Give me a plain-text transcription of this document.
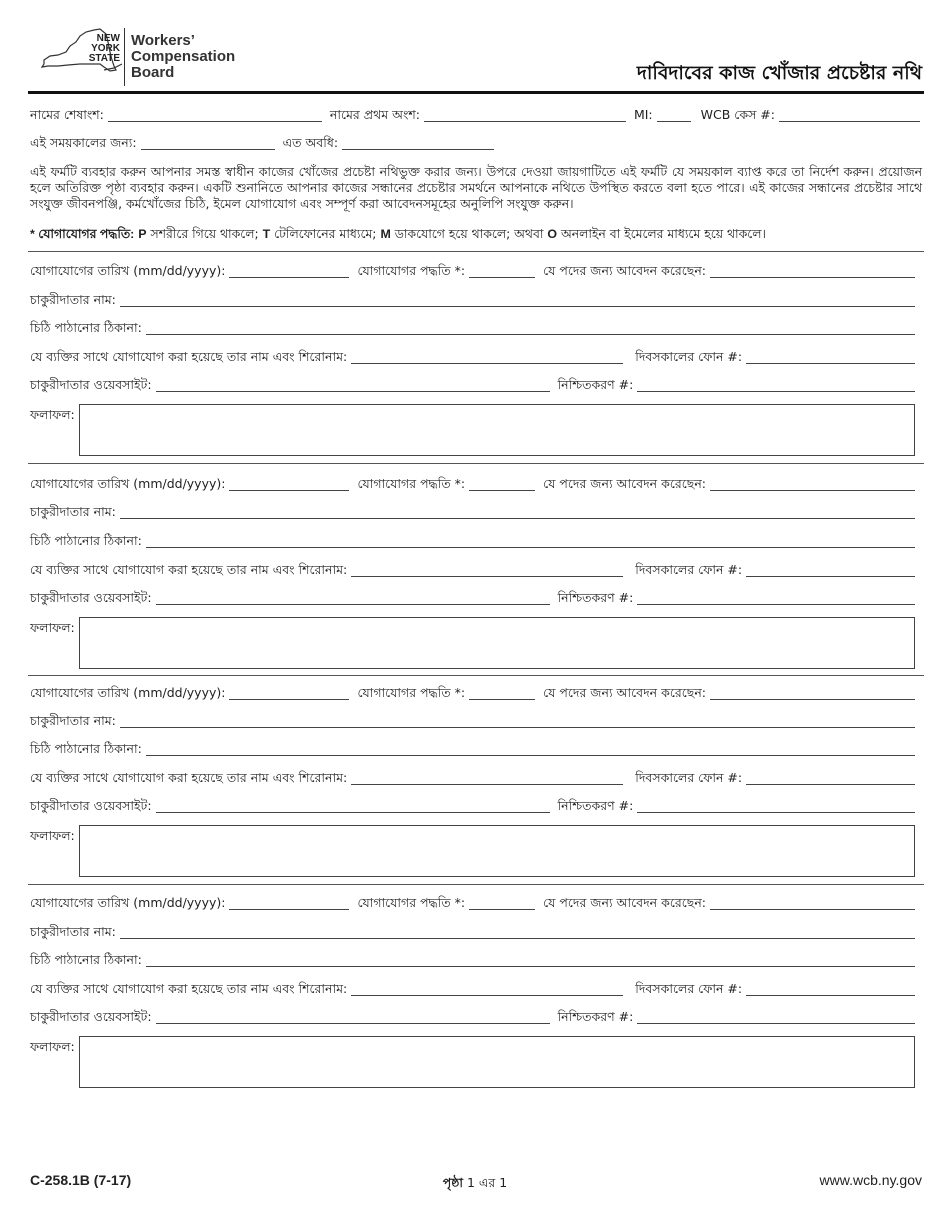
NEW
YORK
STATE
Workers’
Compensation
Board	দাবিদাবের কাজ খোঁজার প্রচেষ্টার নথি
নামের শেষাংশ:	নামের প্রথম অংশ:	MI:	WCB কেস #:
এই সময়কালের জন্য:	এত অবধি:
এই ফর্মটি ব্যবহার করুন আপনার সমস্ত স্বাধীন কাজের খোঁজের প্রচেষ্টা নথিভুক্ত করার জন্য। উপরে দেওয়া জায়গাটিতে এই ফর্মটি যে সময়কাল ব্যাপ্ত করে তা নির্দেশ করুন। প্রয়োজন হলে অতিরিক্ত পৃষ্ঠা ব্যবহার করুন। একটি শুনানিতে আপনার কাজের সন্ধানের প্রচেষ্টার সমর্থনে আপনাকে নথিতে উপস্থিত করতে বলা হতে পারে। এই কাজের সন্ধানের প্রচেষ্টার সাথে সংযুক্ত জীবনপঞ্জি, কর্মখোঁজের চিঠি, ইমেল যোগাযোগ এবং সম্পূর্ণ করা আবেদনসমূহের অনুলিপি সংযুক্ত করুন।
* যোগাযোগর পদ্ধতি: P সশরীরে গিয়ে থাকলে; T টেলিফোনের মাধ্যমে; M ডাকযোগে হয়ে থাকলে; অথবা O অনলাইন বা ইমেলের মাধ্যমে হয়ে থাকলে।
যোগাযোগের তারিখ (mm/dd/yyyy):	যোগাযোগর পদ্ধতি *:	যে পদের জন্য আবেদন করেছেন:
চাকুরীদাতার নাম:
চিঠি পাঠানোর ঠিকানা:
যে ব্যক্তির সাথে যোগাযোগ করা হয়েছে তার নাম এবং শিরোনাম:	দিবসকালের ফোন #:
চাকুরীদাতার ওয়েবসাইট:	নিশ্চিতকরণ #:
ফলাফল:
যোগাযোগের তারিখ (mm/dd/yyyy):	যোগাযোগর পদ্ধতি *:	যে পদের জন্য আবেদন করেছেন:
চাকুরীদাতার নাম:
চিঠি পাঠানোর ঠিকানা:
যে ব্যক্তির সাথে যোগাযোগ করা হয়েছে তার নাম এবং শিরোনাম:	দিবসকালের ফোন #:
চাকুরীদাতার ওয়েবসাইট:	নিশ্চিতকরণ #:
ফলাফল:
যোগাযোগের তারিখ (mm/dd/yyyy):	যোগাযোগর পদ্ধতি *:	যে পদের জন্য আবেদন করেছেন:
চাকুরীদাতার নাম:
চিঠি পাঠানোর ঠিকানা:
যে ব্যক্তির সাথে যোগাযোগ করা হয়েছে তার নাম এবং শিরোনাম:	দিবসকালের ফোন #:
চাকুরীদাতার ওয়েবসাইট:	নিশ্চিতকরণ #:
ফলাফল:
যোগাযোগের তারিখ (mm/dd/yyyy):	যোগাযোগর পদ্ধতি *:	যে পদের জন্য আবেদন করেছেন:
চাকুরীদাতার নাম:
চিঠি পাঠানোর ঠিকানা:
যে ব্যক্তির সাথে যোগাযোগ করা হয়েছে তার নাম এবং শিরোনাম:	দিবসকালের ফোন #:
চাকুরীদাতার ওয়েবসাইট:	নিশ্চিতকরণ #:
ফলাফল:
C-258.1B (7-17)	পৃষ্ঠা 1 এর 1	www.wcb.ny.gov
